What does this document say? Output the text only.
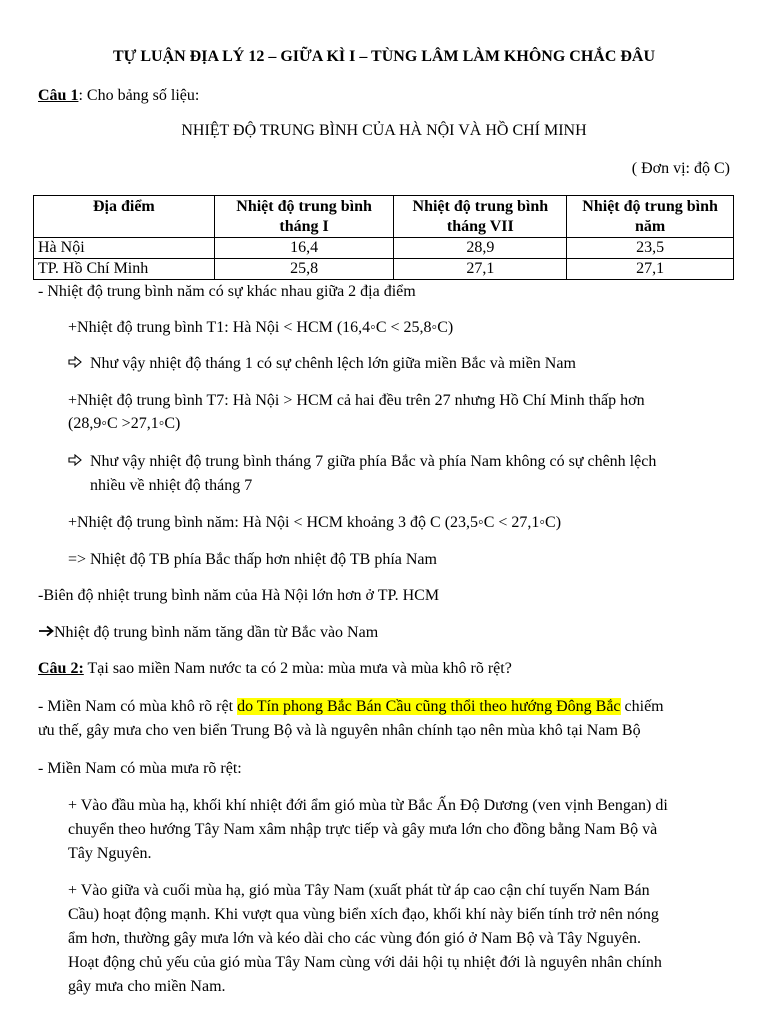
TỰ LUẬN ĐỊA LÝ 12 – GIỮA KÌ I – TÙNG LÂM LÀM KHÔNG CHẮC ĐÂU
Câu 1: Cho bảng số liệu:
NHIỆT ĐỘ TRUNG BÌNH CỦA HÀ NỘI VÀ HỒ CHÍ MINH
( Đơn vị: độ C)
Địa điểm	Nhiệt độ trung bình tháng I	Nhiệt độ trung bình tháng VII	Nhiệt độ trung bình năm
Hà Nội	16,4	28,9	23,5
TP. Hồ Chí Minh	25,8	27,1	27,1
- Nhiệt độ trung bình năm có sự khác nhau giữa 2 địa điểm
+Nhiệt độ trung bình T1: Hà Nội < HCM (16,4◦C < 25,8◦C)
Như vậy nhiệt độ tháng 1 có sự chênh lệch lớn giữa miền Bắc và miền Nam
+Nhiệt độ trung bình T7: Hà Nội > HCM cả hai đều trên 27 nhưng Hồ Chí Minh thấp hơn
(28,9◦C >27,1◦C)
Như vậy nhiệt độ trung bình tháng 7 giữa phía Bắc và phía Nam không có sự chênh lệch
nhiều về nhiệt độ tháng 7
+Nhiệt độ trung bình năm: Hà Nội < HCM khoảng 3 độ C (23,5◦C < 27,1◦C)
=> Nhiệt độ TB phía Bắc thấp hơn nhiệt độ TB phía Nam
-Biên độ nhiệt trung bình năm của Hà Nội lớn hơn ở TP. HCM
Nhiệt độ trung bình năm tăng dần từ Bắc vào Nam
Câu 2: Tại sao miền Nam nước ta có 2 mùa: mùa mưa và mùa khô rõ rệt?
- Miền Nam có mùa khô rõ rệt do Tín phong Bắc Bán Cầu cũng thổi theo hướng Đông Bắc chiếm
ưu thế, gây mưa cho ven biển Trung Bộ và là nguyên nhân chính tạo nên mùa khô tại Nam Bộ
- Miền Nam có mùa mưa rõ rệt:
+ Vào đầu mùa hạ, khối khí nhiệt đới ẩm gió mùa từ Bắc Ấn Độ Dương (ven vịnh Bengan) di
chuyển theo hướng Tây Nam xâm nhập trực tiếp và gây mưa lớn cho đồng bằng Nam Bộ và
Tây Nguyên.
+ Vào giữa và cuối mùa hạ, gió mùa Tây Nam (xuất phát từ áp cao cận chí tuyến Nam Bán
Cầu) hoạt động mạnh. Khi vượt qua vùng biển xích đạo, khối khí này biến tính trở nên nóng
ẩm hơn, thường gây mưa lớn và kéo dài cho các vùng đón gió ở Nam Bộ và Tây Nguyên.
Hoạt động chủ yếu của gió mùa Tây Nam cùng với dải hội tụ nhiệt đới là nguyên nhân chính
gây mưa cho miền Nam.
